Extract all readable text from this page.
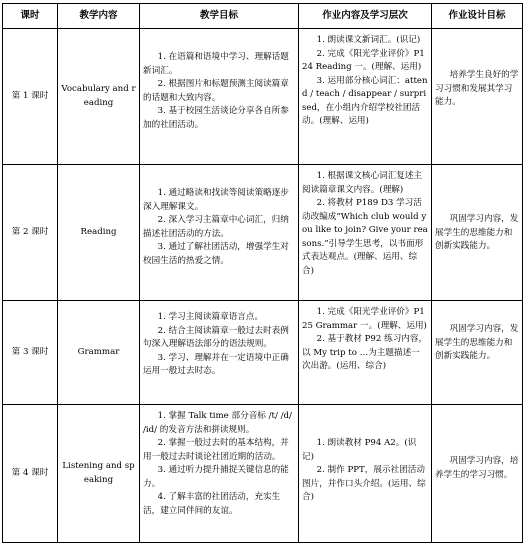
课时	教学内容	教学目标	作业内容及学习层次	作业设计目标
第 1 课时	Vocabulary and reading	1. 在语篇和语境中学习、理解话题新词汇。
2. 根据图片和标题预测主阅读篇章的话题和大致内容。
3. 基于校园生活谈论分享各自所参加的社团活动。	1. 朗读课文新词汇。(识记)
2. 完成《阳光学业评价》P124 Reading 一。(理解、运用)
3. 运用部分核心词汇：attend / teach / disappear / surprised，在小组内介绍学校社团活动。(理解、运用)	培养学生良好的学习习惯和发展其学习能力。
第 2 课时	Reading	1. 通过略读和找读等阅读策略逐步深入理解课文。
2. 深入学习主篇章中心词汇，归纳描述社团活动的方法。
3. 通过了解社团活动，增强学生对校园生活的热爱之情。	1. 根据课文核心词汇复述主阅读篇章课文内容。(理解)
2. 将教材 P189 D3 学习活动改编成“Which club would you like to join? Give your reasons.”引导学生思考，以书面形式表达观点。(理解、运用、综合)	巩固学习内容，发展学生的思维能力和创新实践能力。
第 3 课时	Grammar	1. 学习主阅读篇章语言点。
2. 结合主阅读篇章一般过去时表例句深入理解语法部分的语法规则。
3. 学习、理解并在一定语境中正确运用一般过去时态。	1. 完成《阳光学业评价》P125 Grammar 一。(理解、运用)
2. 基于教材 P92 练习内容，以 My trip to …为主题描述一次出游。(运用、综合)	巩固学习内容，发展学生的思维能力和创新实践能力。
第 4 课时	Listening and speaking	1. 掌握 Talk time 部分音标 /t/ /d/ /id/ 的发音方法和拼读规则。
2. 掌握一般过去时的基本结构，并用一般过去时谈论社团近期的活动。
3. 通过听力提升捕捉关键信息的能力。
4. 了解丰富的社团活动，充实生活，建立同伴间的友谊。	1. 朗读教材 P94 A2。(识记)
2. 制作 PPT，展示社团活动图片，并作口头介绍。(运用、综合)	巩固学习内容，培养学生的学习习惯。
